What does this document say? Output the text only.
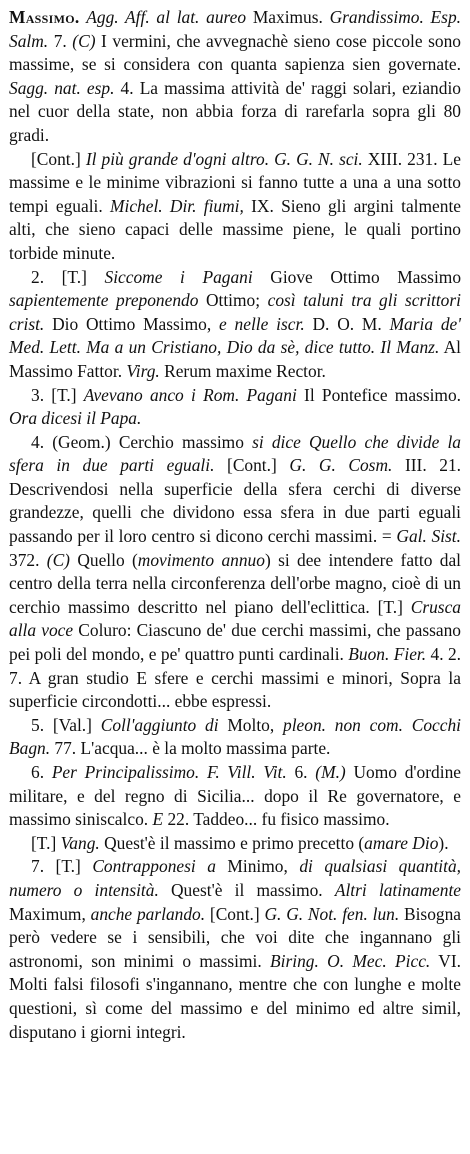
Massimo. Agg. Aff. al lat. aureo Maximus. Grandissimo. Esp. Salm. 7. (C) I vermini, che avvegnachè sieno cose piccole sono massime, se si considera con quanta sapienza sien governate. Sagg. nat. esp. 4. La massima attività de' raggi solari, eziandio nel cuor della state, non abbia forza di rarefarla sopra gli 80 gradi.

[Cont.] Il più grande d'ogni altro. G. G. N. sci. XIII. 231. Le massime e le minime vibrazioni si fanno tutte a una a una sotto tempi eguali. Michel. Dir. fiumi, IX. Sieno gli argini talmente alti, che sieno capaci delle massime piene, le quali portino torbide minute.

2. [T.] Siccome i Pagani Giove Ottimo Massimo sapientemente preponendo Ottimo; così taluni tra gli scrittori crist. Dio Ottimo Massimo, e nelle iscr. D. O. M. Maria de' Med. Lett. Ma a un Cristiano, Dio da sè, dice tutto. Il Manz. Al Massimo Fattor. Virg. Rerum maxime Rector.

3. [T.] Avevano anco i Rom. Pagani Il Pontefice massimo. Ora dicesi il Papa.

4. (Geom.) Cerchio massimo si dice Quello che divide la sfera in due parti eguali. [Cont.] G. G. Cosm. III. 21. Descrivendosi nella superficie della sfera cerchi di diverse grandezze, quelli che dividono essa sfera in due parti eguali passando per il loro centro si dicono cerchi massimi. = Gal. Sist. 372. (C) Quello (movimento annuo) si dee intendere fatto dal centro della terra nella circonferenza dell'orbe magno, cioè di un cerchio massimo descritto nel piano dell'eclittica. [T.] Crusca alla voce Coluro: Ciascuno de' due cerchi massimi, che passano pei poli del mondo, e pe' quattro punti cardinali. Buon. Fier. 4. 2. 7. A gran studio E sfere e cerchi massimi e minori, Sopra la superficie circondotti... ebbe espressi.

5. [Val.] Coll'aggiunto di Molto, pleon. non com. Cocchi Bagn. 77. L'acqua... è la molto massima parte.

6. Per Principalissimo. F. Vill. Vit. 6. (M.) Uomo d'ordine militare, e del regno di Sicilia... dopo il Re governatore, e massimo siniscalco. E 22. Taddeo... fu fisico massimo.

[T.] Vang. Quest'è il massimo e primo precetto (amare Dio).

7. [T.] Contrapponesi a Minimo, di qualsiasi quantità, numero o intensità. Quest'è il massimo. Altri latinamente Maximum, anche parlando. [Cont.] G. G. Not. fen. lun. Bisogna però vedere se i sensibili, che voi dite che ingannano gli astronomi, son minimi o massimi. Biring. O. Mec. Picc. VI. Molti falsi filosofi s'ingannano, mentre che con lunghe e molte questioni, sì come del massimo e del minimo ed altre simil, disputano i giorni integri.
